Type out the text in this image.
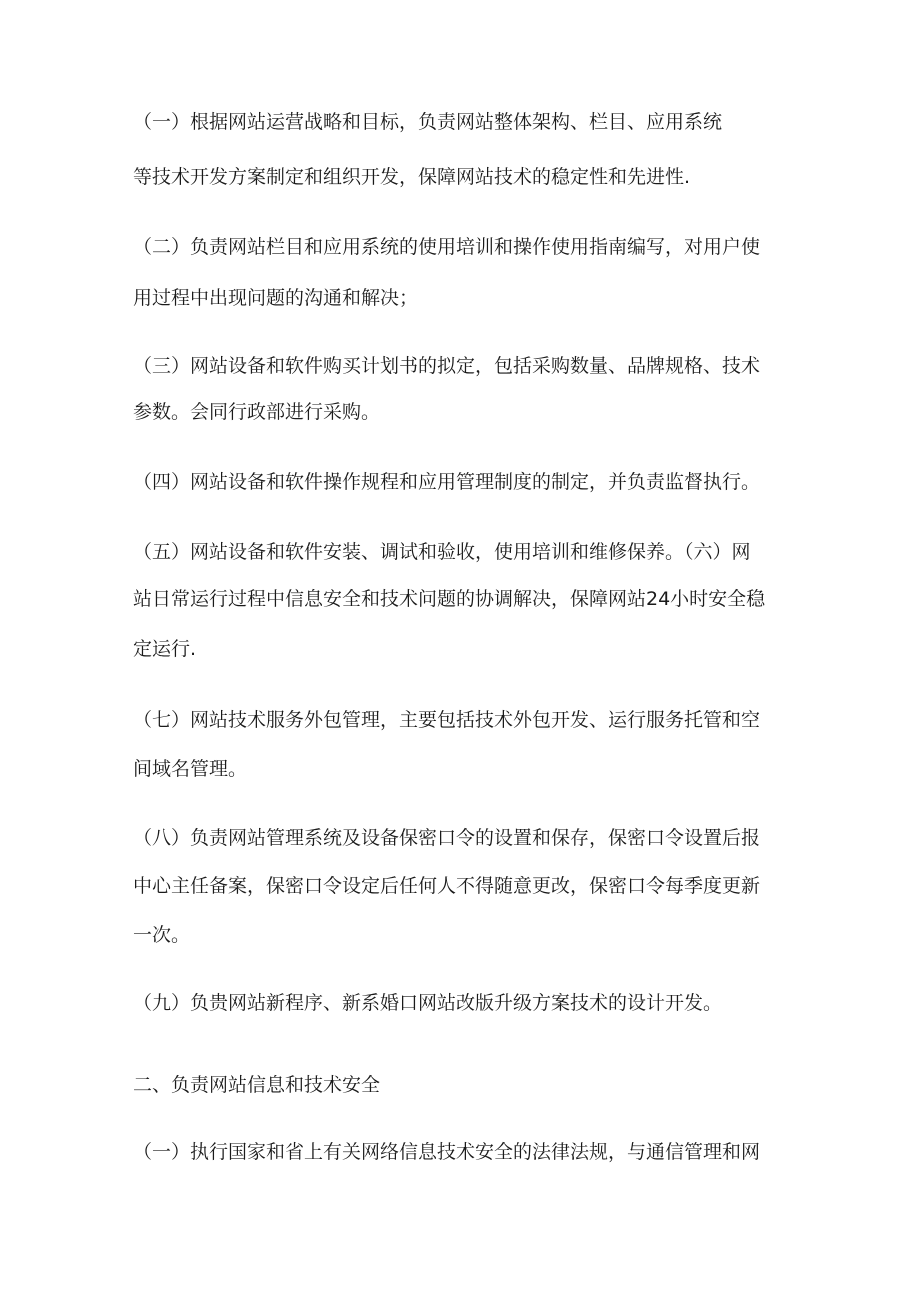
（一）根据网站运营战略和目标，负责网站整体架构、栏目、应用系统
等技术开发方案制定和组织开发，保障网站技术的稳定性和先进性.
（二）负责网站栏目和应用系统的使用培训和操作使用指南编写，对用户使
用过程中出现问题的沟通和解决；
（三）网站设备和软件购买计划书的拟定，包括采购数量、品牌规格、技术
参数。会同行政部进行采购。
（四）网站设备和软件操作规程和应用管理制度的制定，并负责监督执行。
（五）网站设备和软件安装、调试和验收，使用培训和维修保养。（六）网
站日常运行过程中信息安全和技术问题的协调解决，保障网站24小时安全稳
定运行.
（七）网站技术服务外包管理，主要包括技术外包开发、运行服务托管和空
间域名管理。
（八）负责网站管理系统及设备保密口令的设置和保存，保密口令设置后报
中心主任备案，保密口令设定后任何人不得随意更改，保密口令每季度更新
一次。
（九）负贵网站新程序、新系婚口网站改版升级方案技术的设计开发。
二、负责网站信息和技术安全
（一）执行国家和省上有关网络信息技术安全的法律法规，与通信管理和网
